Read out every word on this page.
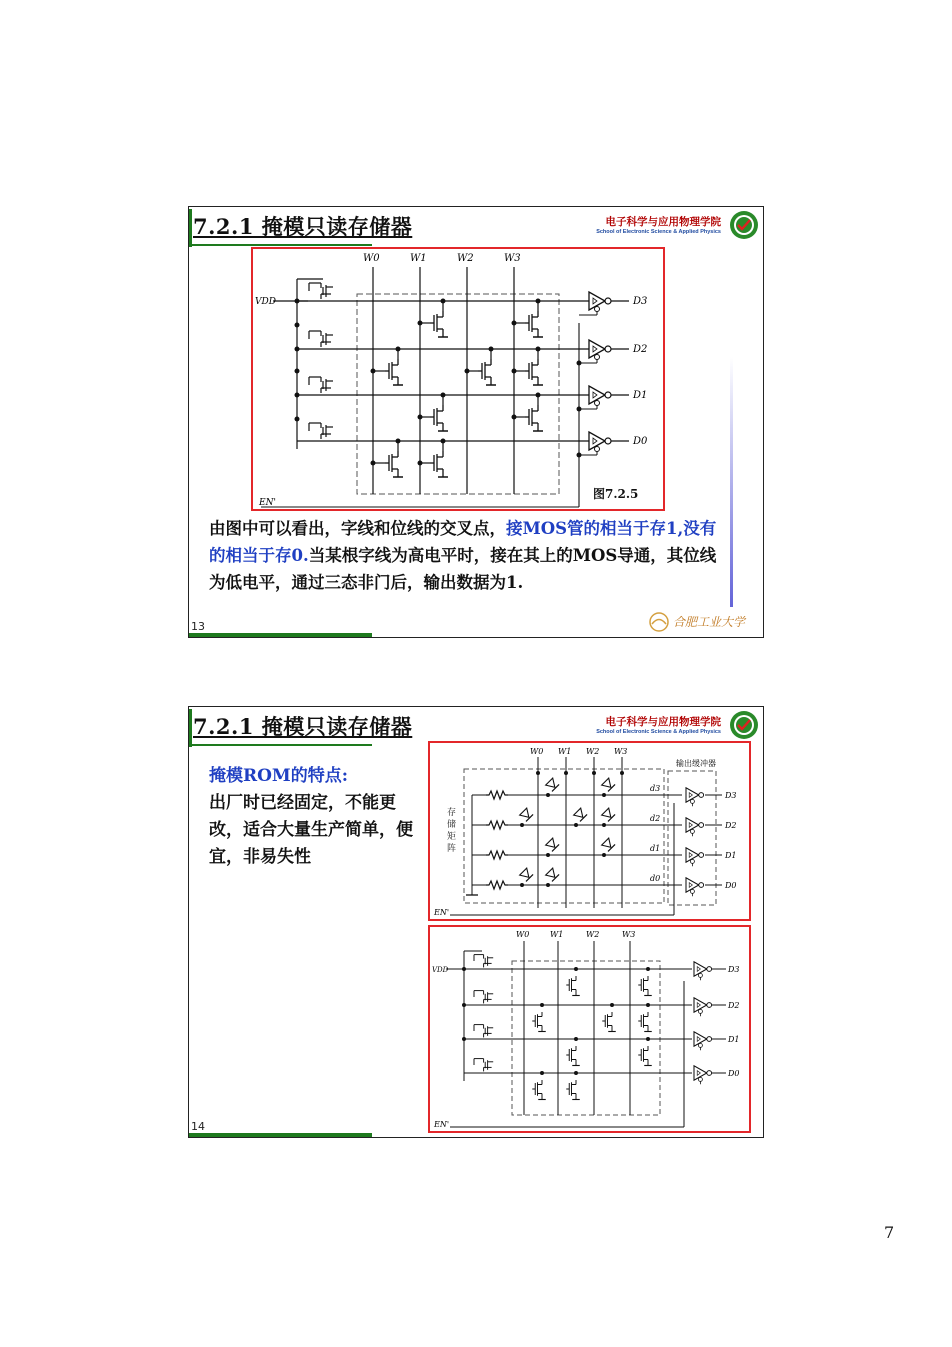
7.2.1 掩模只读存储器	电子科学与应用物理学院
School of Electronic Science & Applied Physics
W0	W1	W2	W3
D3
D2
D1
D0
VDD
EN'
图7.2.5
由图中可以看出，字线和位线的交叉点，接MOS管的相当于存1,没有的相当于存0.当某根字线为高电平时，接在其上的MOS导通，其位线为低电平，通过三态非门后，输出数据为1.
13	合肥工业大学
7.2.1 掩模只读存储器	电子科学与应用物理学院
School of Electronic Science & Applied Physics
掩模ROM的特点:
出厂时已经固定，不能更改，适合大量生产简单，便宜，非易失性
W0 W1 W2 W3
d3
d2
d1
d0
D3
D2
D1
D0
输出缓冲器
EN'
存储矩阵
W0	W1	W2	W3
D3
D2
D1
D0
VDD
EN'
14
7
